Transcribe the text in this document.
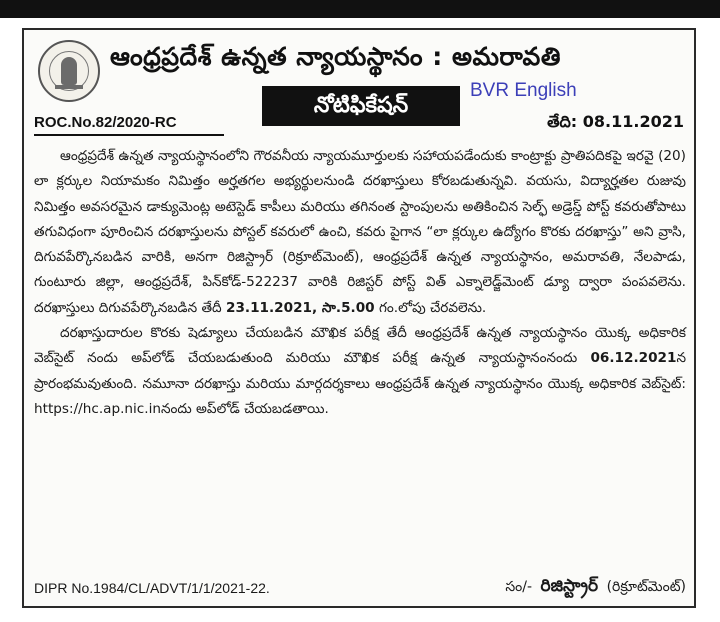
ఆంధ్రప్రదేశ్ ఉన్నత న్యాయస్థానం : అమరావతి
నోటిఫికేషన్
BVR English
ROC.No.82/2020-RC	తేది: 08.11.2021

ఆంధ్రప్రదేశ్ ఉన్నత న్యాయస్థానంలోని గౌరవనీయ న్యాయమూర్తులకు సహాయపడేందుకు కాంట్రాక్టు ప్రాతిపదికపై ఇరవై (20) లా క్లర్కుల నియామకం నిమిత్తం అర్హతగల అభ్యర్థులనుండి దరఖాస్తులు కోరబడుతున్నవి. వయసు, విద్యార్హతల రుజువు నిమిత్తం అవసరమైన డాక్యుమెంట్ల అటెస్టెడ్ కాపీలు మరియు తగినంత స్టాంపులను అతికించిన సెల్ఫ్ అడ్రెస్డ్ పోస్ట్ కవరుతోపాటు తగువిధంగా పూరించిన దరఖాస్తులను పోస్టల్ కవరులో ఉంచి, కవరు పైగాన “లా క్లర్కుల ఉద్యోగం కొరకు దరఖాస్తు” అని వ్రాసి, దిగువపేర్కొనబడిన వారికి, అనగా రిజిస్ట్రార్ (రిక్రూట్‌మెంట్), ఆంధ్రప్రదేశ్ ఉన్నత న్యాయస్థానం, అమరావతి, నేలపాడు, గుంటూరు జిల్లా, ఆంధ్రప్రదేశ్, పిన్‌కోడ్-522237 వారికి రిజిస్టర్ పోస్ట్ విత్ ఎక్నాలెడ్జ్‌మెంట్ డ్యూ ద్వారా పంపవలెను. దరఖాస్తులు దిగువపేర్కొనబడిన తేదీ 23.11.2021, సా.5.00 గం.లోపు చేరవలెను.

దరఖాస్తుదారుల కొరకు షెడ్యూలు చేయబడిన మౌఖిక పరీక్ష తేదీ ఆంధ్రప్రదేశ్ ఉన్నత న్యాయస్థానం యొక్క అధికారిక వెబ్‌సైట్ నందు అప్‌లోడ్ చేయబడుతుంది మరియు మౌఖిక పరీక్ష ఉన్నత న్యాయస్థానంనందు 06.12.2021న ప్రారంభమవుతుంది. నమూనా దరఖాస్తు మరియు మార్గదర్శకాలు ఆంధ్రప్రదేశ్ ఉన్నత న్యాయస్థానం యొక్క అధికారిక వెబ్‌సైట్: https://hc.ap.nic.inనందు అప్‌లోడ్ చేయబడతాయి.

DIPR No.1984/CL/ADVT/1/1/2021-22.	సం/- రిజిస్ట్రార్ (రిక్రూట్‌మెంట్)
